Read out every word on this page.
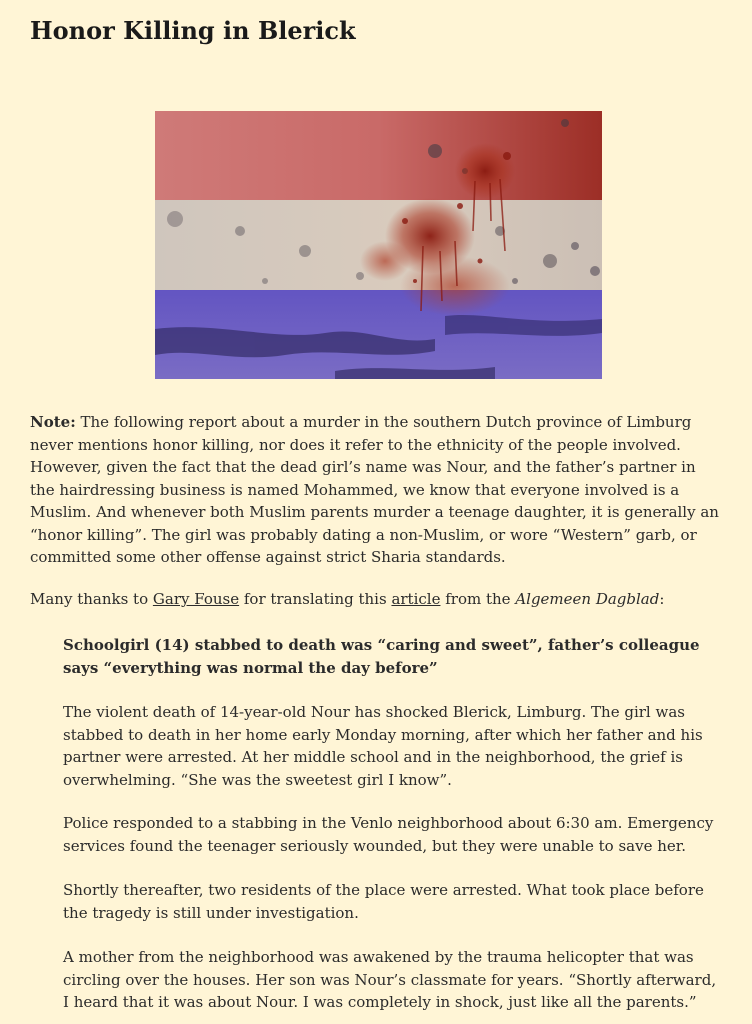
Honor Killing in Blerick

Note: The following report about a murder in the southern Dutch province of Limburg never mentions honor killing, nor does it refer to the ethnicity of the people involved. However, given the fact that the dead girl’s name was Nour, and the father’s partner in the hairdressing business is named Mohammed, we know that everyone involved is a Muslim. And whenever both Muslim parents murder a teenage daughter, it is generally an “honor killing”. The girl was probably dating a non-Muslim, or wore “Western” garb, or committed some other offense against strict Sharia standards.

Many thanks to Gary Fouse for translating this article from the Algemeen Dagblad:

Schoolgirl (14) stabbed to death was “caring and sweet”, father’s colleague says “everything was normal the day before”

The violent death of 14-year-old Nour has shocked Blerick, Limburg. The girl was stabbed to death in her home early Monday morning, after which her father and his partner were arrested. At her middle school and in the neighborhood, the grief is overwhelming. “She was the sweetest girl I know”.

Police responded to a stabbing in the Venlo neighborhood about 6:30 am. Emergency services found the teenager seriously wounded, but they were unable to save her.

Shortly thereafter, two residents of the place were arrested. What took place before the tragedy is still under investigation.

A mother from the neighborhood was awakened by the trauma helicopter that was circling over the houses. Her son was Nour’s classmate for years. “Shortly afterward, I heard that it was about Nour. I was completely in shock, just like all the parents.”
